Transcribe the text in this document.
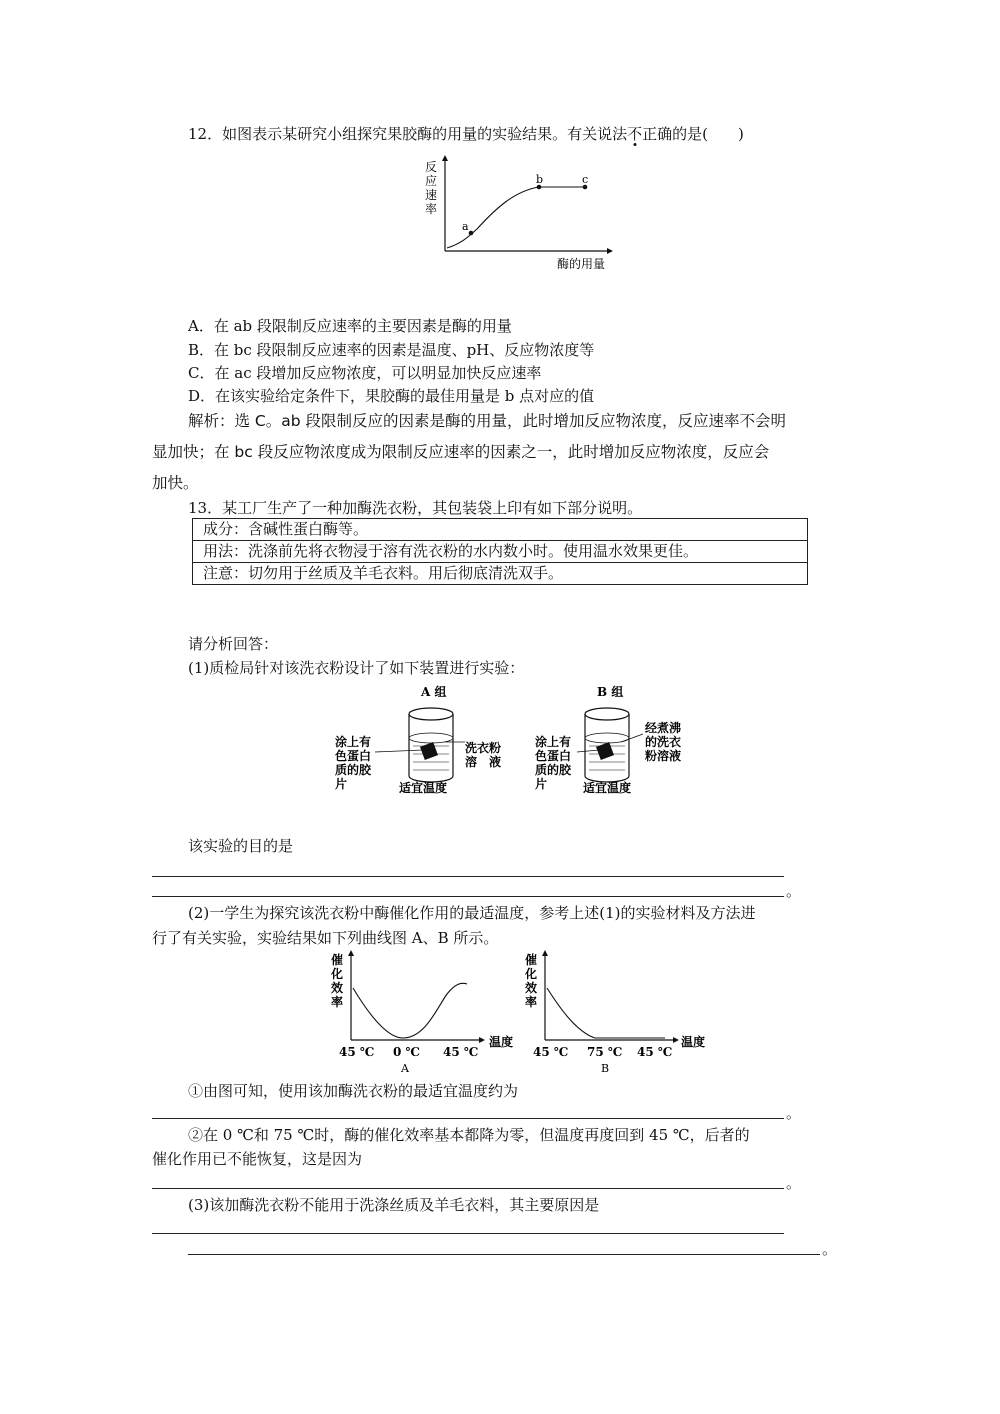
12．如图表示某研究小组探究果胶酶的用量的实验结果。有关说法不正确的是(　　)
反
应
速
率
a
b	c
酶的用量
A．在 ab 段限制反应速率的主要因素是酶的用量
B．在 bc 段限制反应速率的因素是温度、pH、反应物浓度等
C．在 ac 段增加反应物浓度，可以明显加快反应速率
D．在该实验给定条件下，果胶酶的最佳用量是 b 点对应的值
解析：选 C。ab 段限制反应的因素是酶的用量，此时增加反应物浓度，反应速率不会明
显加快；在 bc 段反应物浓度成为限制反应速率的因素之一，此时增加反应物浓度，反应会
加快。
13．某工厂生产了一种加酶洗衣粉，其包装袋上印有如下部分说明。
成分：含碱性蛋白酶等。
用法：洗涤前先将衣物浸于溶有洗衣粉的水内数小时。使用温水效果更佳。
注意：切勿用于丝质及羊毛衣料。用后彻底清洗双手。
请分析回答：
(1)质检局针对该洗衣粉设计了如下装置进行实验：
A 组
涂上有
色蛋白
质的胶
片
洗衣粉
溶　液
适宜温度
B 组
涂上有
色蛋白
质的胶
片
经煮沸
的洗衣
粉溶液
适宜温度
该实验的目的是
。
(2)一学生为探究该洗衣粉中酶催化作用的最适温度，参考上述(1)的实验材料及方法进
行了有关实验，实验结果如下列曲线图 A、B 所示。
催
化
效
率
45 ℃ 0 ℃ 45 ℃
温度
A
催
化
效
率
45 ℃ 75 ℃ 45 ℃
温度
B
①由图可知，使用该加酶洗衣粉的最适宜温度约为
。
②在 0 ℃和 75 ℃时，酶的催化效率基本都降为零，但温度再度回到 45 ℃，后者的
催化作用已不能恢复，这是因为
。
(3)该加酶洗衣粉不能用于洗涤丝质及羊毛衣料，其主要原因是
。
